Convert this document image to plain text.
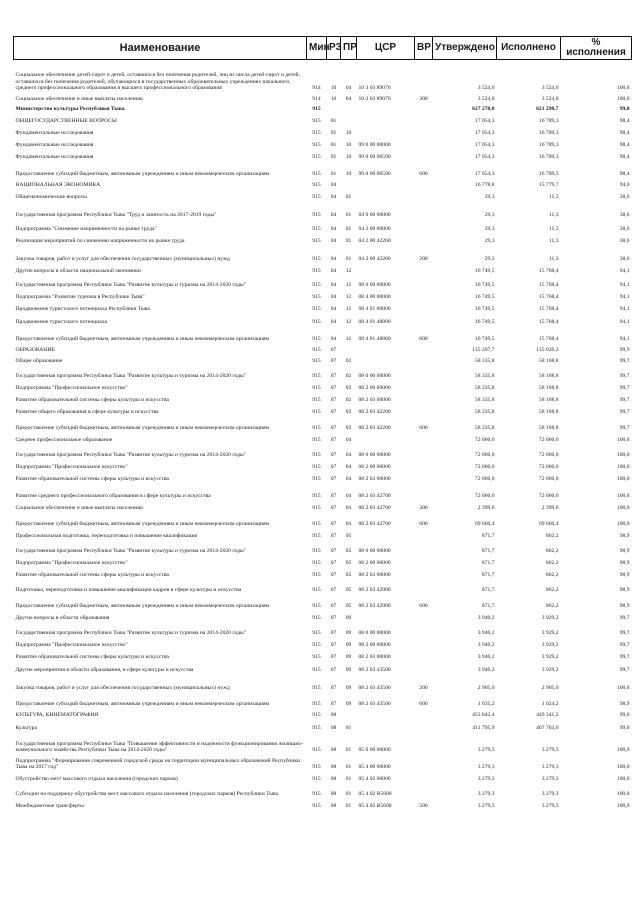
Наименование	Мин	РЗ	ПР	ЦСР	ВР	Утверждено	Исполнено	%
исполнения
Социальное обеспечение детей-сирот и детей, оставшихся без попечения родителей, лиц из числа детей-сирот и детей, оставшихся без попечения родителей, обучающихся в государственных образовательных учреждениях начального, среднего профессионального образования и высшего профессионального образования	914	10	04	10 3 03 89070		3 524,0	3 524,0	100,0
Социальное обеспечение и иные выплаты населению	914	10	04	10 3 03 89070	300	3 524,0	3 524,0	100,0
Министерство культуры Республики Тыва	915					627 270,0	621 298,7	99,0
ОБЩЕГОСУДАРСТВЕННЫЕ ВОПРОСЫ	915	01				17 054,3	16 789,3	98,4
Фундаментальные исследования	915	01	10			17 054,3	16 789,3	98,4
Фундаментальные исследования	915	01	10	99 0 00 00000		17 054,3	16 789,3	98,4
Фундаментальные исследования	915	01	10	99 0 00 00590		17 054,3	16 789,3	98,4
Предоставление субсидий бюджетным, автономным учреждениям и иным некоммерческим организациям	915	01	10	99 0 00 00590	600	17 054,3	16 789,3	98,4
НАЦИОНАЛЬНАЯ ЭКОНОМИКА	915	04				16 778,8	15 779,7	94,0
Общеэкономические вопросы	915	04	01			29,3	11,3	38,6
Государственная программа Республики Тыва "Труд и занятость на 2017-2019 годы"	915	04	01	04 0 00 00000		29,3	11,3	38,6
Подпрограмма "Снижение напряженности на рынке труда"	915	04	01	04 2 00 00000		29,3	11,3	38,6
Реализация мероприятий по снижению напряженности на рынке труда	915	04	01	04 2 00 42260		29,3	11,3	38,6
Закупка товаров, работ и услуг для обеспечения государственных (муниципальных) нужд	915	04	01	04 2 00 42260	200	29,3	11,3	38,6
Другие вопросы в области национальной экономики	915	04	12			16 749,5	15 768,4	94,1
Государственная программа Республики Тыва "Развитие культуры и туризма на 2014-2020 годы"	915	04	12	08 0 00 00000		16 749,5	15 768,4	94,1
Подпрограмма "Развитие туризма в Республике Тыва"	915	04	12	08 4 00 00000		16 749,5	15 768,4	94,1
Продвижение туристского потенциала Республики Тыва	915	04	12	08 4 01 00000		16 749,5	15 768,4	94,1
Продвижение туристского потенциала	915	04	12	08 4 01 48800		16 749,5	15 768,4	94,1
Предоставление субсидий бюджетным, автономным учреждениям и иным некоммерческим организациям	915	04	12	08 4 01 48800	600	16 749,5	15 768,4	94,1
ОБРАЗОВАНИЕ	915	07				135 207,7	135 020,2	99,9
Общее образование	915	07	02			58 335,8	58 168,8	99,7
Государственная программа Республики Тыва "Развитие культуры и туризма на 2014-2020 годы"	915	07	02	08 0 00 00000		58 335,8	58 168,8	99,7
Подпрограмма "Профессиональное искусство"	915	07	02	08 2 00 00000		58 335,8	58 168,8	99,7
Развитие образовательной системы сферы культуры и искусства	915	07	02	08 2 03 00000		58 335,8	58 168,8	99,7
Развитие общего образования в сфере культуры и искусства	915	07	02	08 2 03 42200		58 335,8	58 168,8	99,7
Предоставление субсидий бюджетным, автономным учреждениям и иным некоммерческим организациям	915	07	02	08 2 03 42200	600	58 335,8	58 168,8	99,7
Среднее профессиональное образование	915	07	04			72 060,0	72 060,0	100,0
Государственная программа Республики Тыва "Развитие культуры и туризма на 2014-2020 годы"	915	07	04	08 0 00 00000		72 060,0	72 060,0	100,0
Подпрограмма "Профессиональное искусство"	915	07	04	08 2 00 00000		72 060,0	72 060,0	100,0
Развитие образовательной системы сферы культуры и искусства	915	07	04	08 2 03 00000		72 060,0	72 060,0	100,0
Развитие среднего профессионального образования в сфере культуры и искусства	915	07	04	08 2 03 42700		72 060,0	72 060,0	100,0
Социальное обеспечение и иные выплаты населению	915	07	04	08 2 03 42700	300	2 399,6	2 399,6	100,0
Предоставление субсидий бюджетным, автономным учреждениям и иным некоммерческим организациям	915	07	04	08 2 03 42700	600	69 660,4	69 660,4	100,0
Профессиональная подготовка, переподготовка и повышение квалификации	915	07	05			871,7	862,2	98,9
Государственная программа Республики Тыва "Развитие культуры и туризма на 2014-2020 годы"	915	07	05	08 0 00 00000		871,7	862,2	98,9
Подпрограмма "Профессиональное искусство"	915	07	05	08 2 00 00000		871,7	862,2	98,9
Развитие образовательной системы сферы культуры и искусства	915	07	05	08 2 03 00000		871,7	862,2	98,9
Подготовка, переподготовка и повышение квалификации кадров в сфере культуры и искусства	915	07	05	08 2 03 42900		871,7	862,2	98,9
Предоставление субсидий бюджетным, автономным учреждениям и иным некоммерческим организациям	915	07	05	08 2 03 42900	600	871,7	862,2	98,9
Другие вопросы в области образования	915	07	09			3 940,2	3 929,2	99,7
Государственная программа Республики Тыва "Развитие культуры и туризма на 2014-2020 годы"	915	07	09	08 0 00 00000		3 940,2	3 929,2	99,7
Подпрограмма "Профессиональное искусство"	915	07	09	08 2 00 00000		3 940,2	3 929,2	99,7
Развитие образовательной системы сферы культуры и искусства	915	07	09	08 2 03 00000		3 940,2	3 929,2	99,7
Другие мероприятия в области образования, в сфере культуры и искусства	915	07	09	08 2 03 43500		3 940,2	3 929,2	99,7
Закупка товаров, работ и услуг для обеспечения государственных (муниципальных) нужд	915	07	09	08 2 03 43500	200	2 905,0	2 905,0	100,0
Предоставление субсидий бюджетным, автономным учреждениям и иным некоммерческим организациям	915	07	09	08 2 03 43500	600	1 035,2	1 024,2	98,9
КУЛЬТУРА, КИНЕМАТОГРАФИЯ	915	08				453 842,4	449 341,2	99,0
Культура	915	08	01			411 795,9	407 763,0	99,0
Государственная программа Республики Тыва "Повышение эффективности и надежности функционирования жилищно-коммунального хозяйства Республики Тыва на 2014-2020 годы"	915	08	01	05 0 00 00000		3 279,3	3 279,3	100,0
Подпрограмма "Формирование современной городской среды на территории муниципальных образований Республики Тыва на 2017 год"	915	08	01	05 4 00 00000		3 279,3	3 279,3	100,0
Обустройство мест массового отдыха населения (городских парков)	915	08	01	05 4 02 00000		3 279,3	3 279,3	100,0
Субсидии на поддержку обустройства мест массового отдыха населения (городских парков) Республики Тыва	915	08	01	05 4 02 R5600		3 279,3	3 279,3	100,0
Межбюджетные трансферты	915	08	01	05 4 02 R5600	500	3 279,3	3 279,3	100,0
